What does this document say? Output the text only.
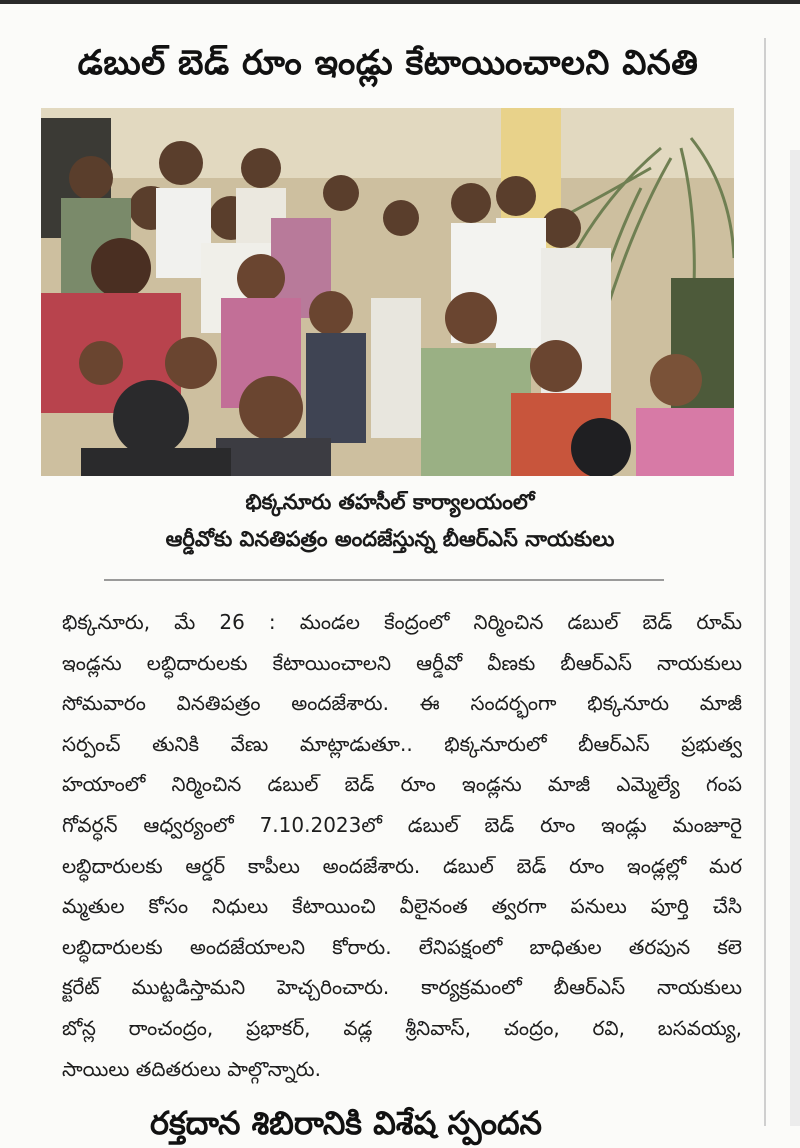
డబుల్ బెడ్ రూం ఇండ్లు కేటాయించాలని వినతి
భిక్కనూరు తహసీల్ కార్యాలయంలో
ఆర్డీవోకు వినతిపత్రం అందజేస్తున్న బీఆర్ఎస్ నాయకులు
భిక్కనూరు, మే 26 : మండల కేంద్రంలో నిర్మించిన డబుల్ బెడ్ రూమ్
ఇండ్లను లబ్ధిదారులకు కేటాయించాలని ఆర్డీవో వీణకు బీఆర్ఎస్ నాయకులు
సోమవారం వినతిపత్రం అందజేశారు. ఈ సందర్భంగా భిక్కనూరు మాజీ
సర్పంచ్ తునికి వేణు మాట్లాడుతూ.. భిక్కనూరులో బీఆర్ఎస్ ప్రభుత్వ
హయాంలో నిర్మించిన డబుల్ బెడ్ రూం ఇండ్లను మాజీ ఎమ్మెల్యే గంప
గోవర్ధన్ ఆధ్వర్యంలో 7.10.2023లో డబుల్ బెడ్ రూం ఇండ్లు మంజూరై
లబ్ధిదారులకు ఆర్డర్ కాపీలు అందజేశారు. డబుల్ బెడ్ రూం ఇండ్లల్లో మర
మ్మతుల కోసం నిధులు కేటాయించి వీలైనంత త్వరగా పనులు పూర్తి చేసి
లబ్ధిదారులకు అందజేయాలని కోరారు. లేనిపక్షంలో బాధితుల తరపున కలె
క్టరేట్ ముట్టడిస్తామని హెచ్చరించారు. కార్యక్రమంలో బీఆర్ఎస్ నాయకులు
బోన్ల రాంచంద్రం, ప్రభాకర్, వడ్ల శ్రీనివాస్, చంద్రం, రవి, బసవయ్య,
సాయిలు తదితరులు పాల్గొన్నారు.
రక్తదాన శిబిరానికి విశేష స్పందన
